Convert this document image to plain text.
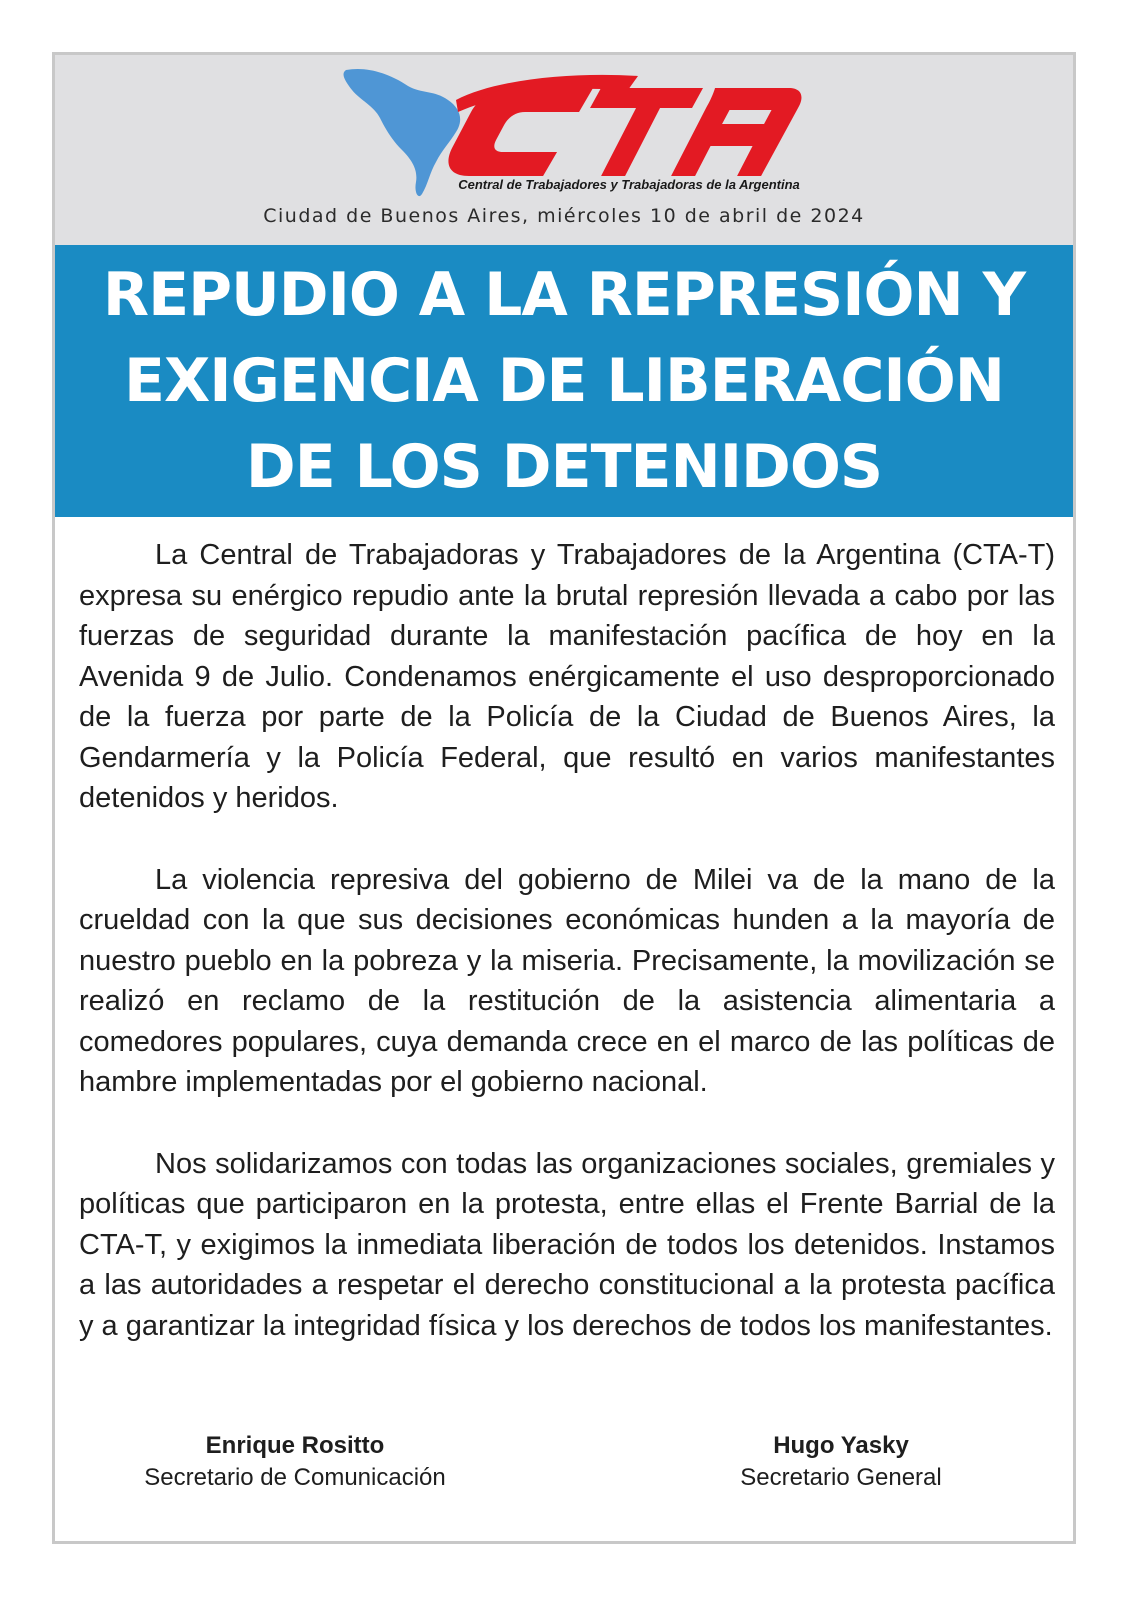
Central de Trabajadores y Trabajadoras de la Argentina
Ciudad de Buenos Aires, miércoles 10 de abril de 2024
REPUDIO A LA REPRESIÓN Y
EXIGENCIA DE LIBERACIÓN
DE LOS DETENIDOS

La Central de Trabajadoras y Trabajadores de la Argentina (CTA-T) expresa su enérgico repudio ante la brutal represión llevada a cabo por las fuerzas de seguridad durante la manifestación pacífica de hoy en la Avenida 9 de Julio. Condenamos enérgicamente el uso desproporcionado de la fuerza por parte de la Policía de la Ciudad de Buenos Aires, la Gendarmería y la Policía Federal, que resultó en varios manifestantes detenidos y heridos.

La violencia represiva del gobierno de Milei va de la mano de la crueldad con la que sus decisiones económicas hunden a la mayoría de nuestro pueblo en la pobreza y la miseria. Precisamente, la movilización se realizó en reclamo de la restitución de la asistencia alimentaria a comedores populares, cuya demanda crece en el marco de las políticas de hambre implementadas por el gobierno nacional.

Nos solidarizamos con todas las organizaciones sociales, gremiales y políticas que participaron en la protesta, entre ellas el Frente Barrial de la CTA-T, y exigimos la inmediata liberación de todos los detenidos. Instamos a las autoridades a respetar el derecho constitucional a la protesta pacífica y a garantizar la integridad física y los derechos de todos los manifestantes.

Enrique Rositto
Secretario de Comunicación
Hugo Yasky
Secretario General
